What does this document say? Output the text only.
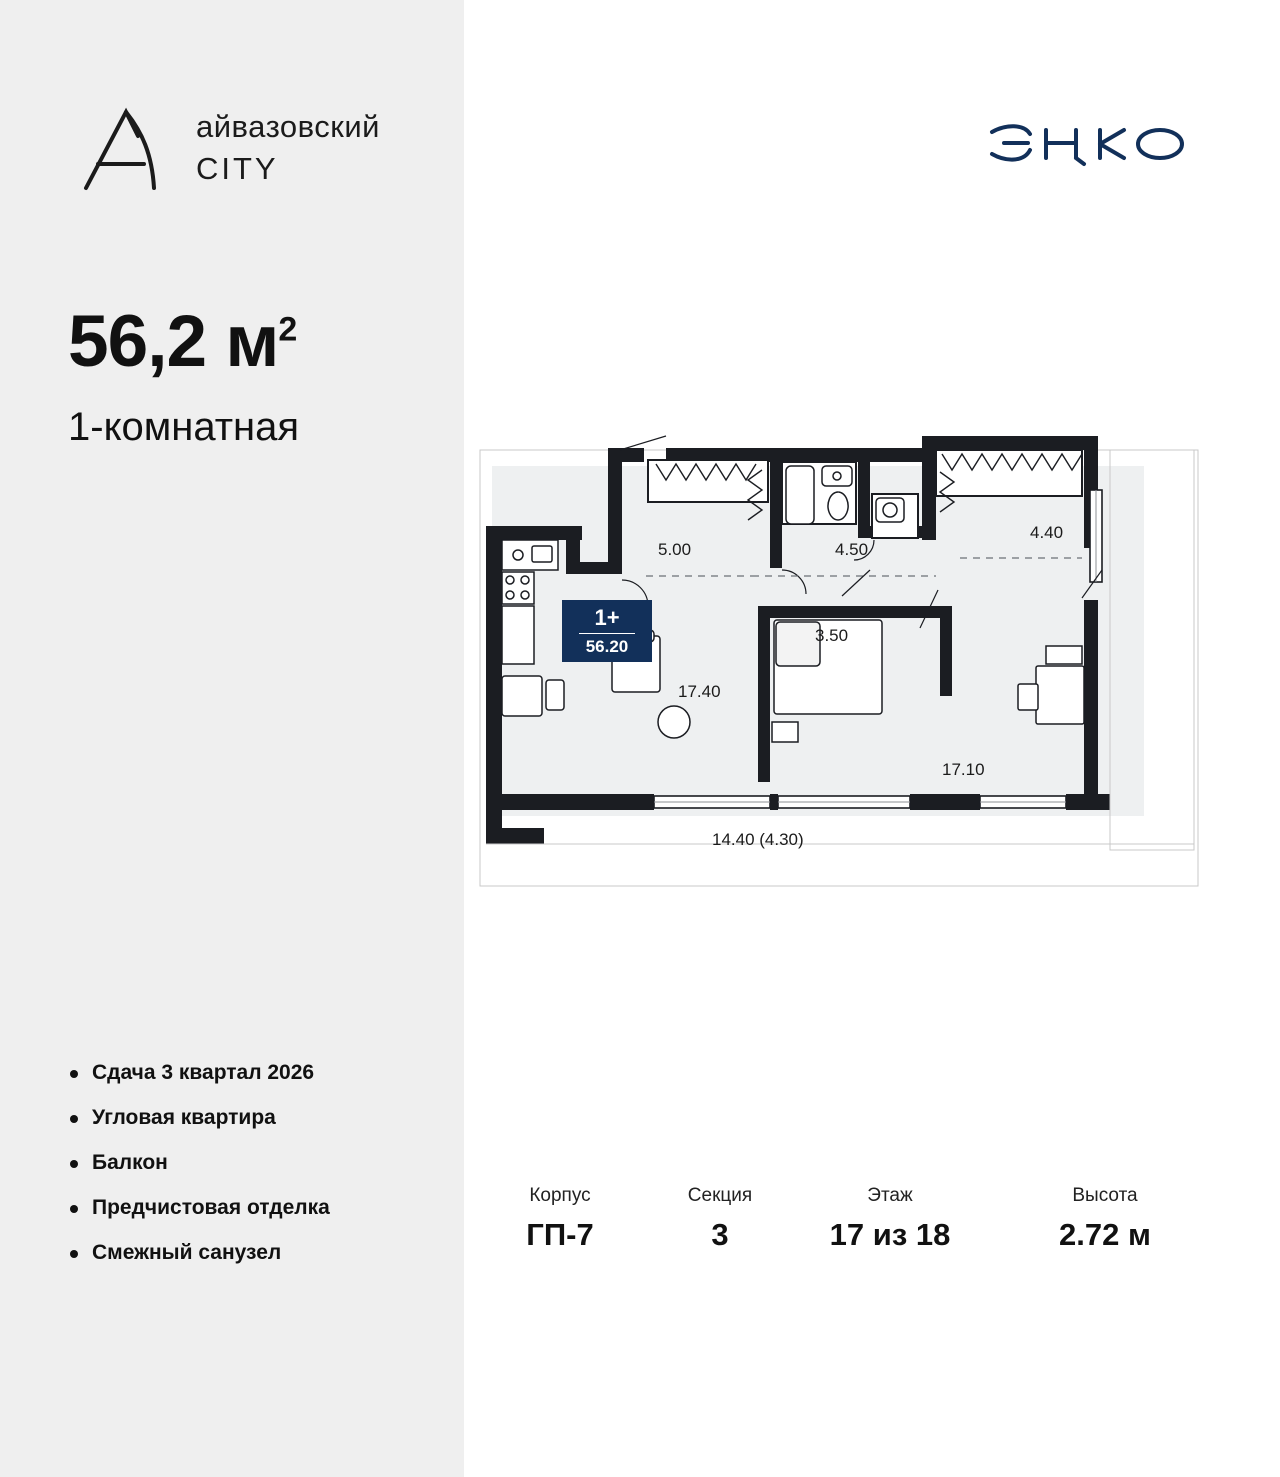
айвазовский
CITY
56,2 $м^2$
1-комнатная
Сдача 3 квартал 2026
Угловая квартира
Балкон
Предчистовая отделка
Смежный санузел
1+
56.20
5.00	4.50
4.40
3.50
17.40
17.10
14.40 (4.30)
Корпус
ГП-7
Секция
3
Этаж
17 из 18
Высота
2.72 м
